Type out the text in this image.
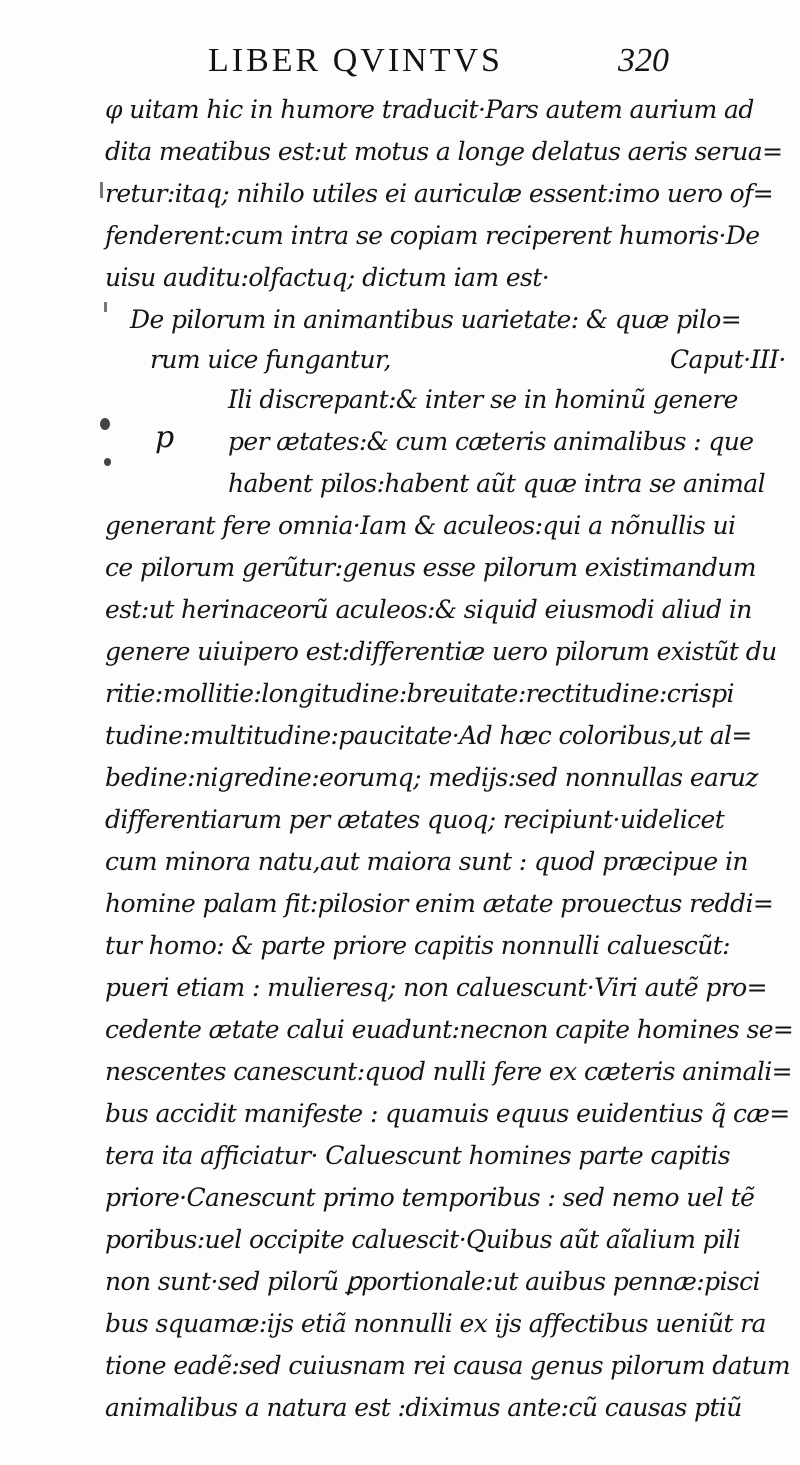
LIBER QVINTVS	320
φ uitam hic in humore traducit·Pars autem aurium ad
dita meatibus est:ut motus a longe delatus aeris serua=
retur:itaq; nihilo utiles ei auriculæ essent:imo uero of=
fenderent:cum intra se copiam reciperent humoris·De
uisu auditu:olfactuq; dictum iam est·
De pilorum in animantibus uarietate: & quæ pilo=
rum uice fungantur,	Caput·III·
Ili discrepant:& inter se in hominũ genere
per ætates:& cum cæteris animalibus : que
habent pilos:habent aũt quæ intra se animal
generant fere omnia·Iam & aculeos:qui a nõnullis ui
ce pilorum gerũtur:genus esse pilorum existimandum
est:ut herinaceorũ aculeos:& siquid eiusmodi aliud in
genere uiuipero est:differentiæ uero pilorum existũt du
ritie:mollitie:longitudine:breuitate:rectitudine:crispi
tudine:multitudine:paucitate·Ad hæc coloribus,ut al=
bedine:nigredine:eorumq; medijs:sed nonnullas earuz
differentiarum per ætates quoq; recipiunt·uidelicet
cum minora natu,aut maiora sunt : quod præcipue in
homine palam fit:pilosior enim ætate prouectus reddi=
tur homo: & parte priore capitis nonnulli caluescũt:
pueri etiam : mulieresq; non caluescunt·Viri autẽ pro=
cedente ætate calui euadunt:necnon capite homines se=
nescentes canescunt:quod nulli fere ex cæteris animali=
bus accidit manifeste : quamuis equus euidentius q̃ cæ=
tera ita afficiatur· Caluescunt homines parte capitis
priore·Canescunt primo temporibus : sed nemo uel tẽ
poribus:uel occipite caluescit·Quibus aũt aĩalium pili
non sunt·sed pilorũ ꝑportionale:ut auibus pennæ:pisci
bus squamæ:ijs etiã nonnulli ex ijs affectibus ueniũt ra
tione eadẽ:sed cuiusnam rei causa genus pilorum datum
animalibus a natura est :diximus ante:cũ causas ptiũ
p
